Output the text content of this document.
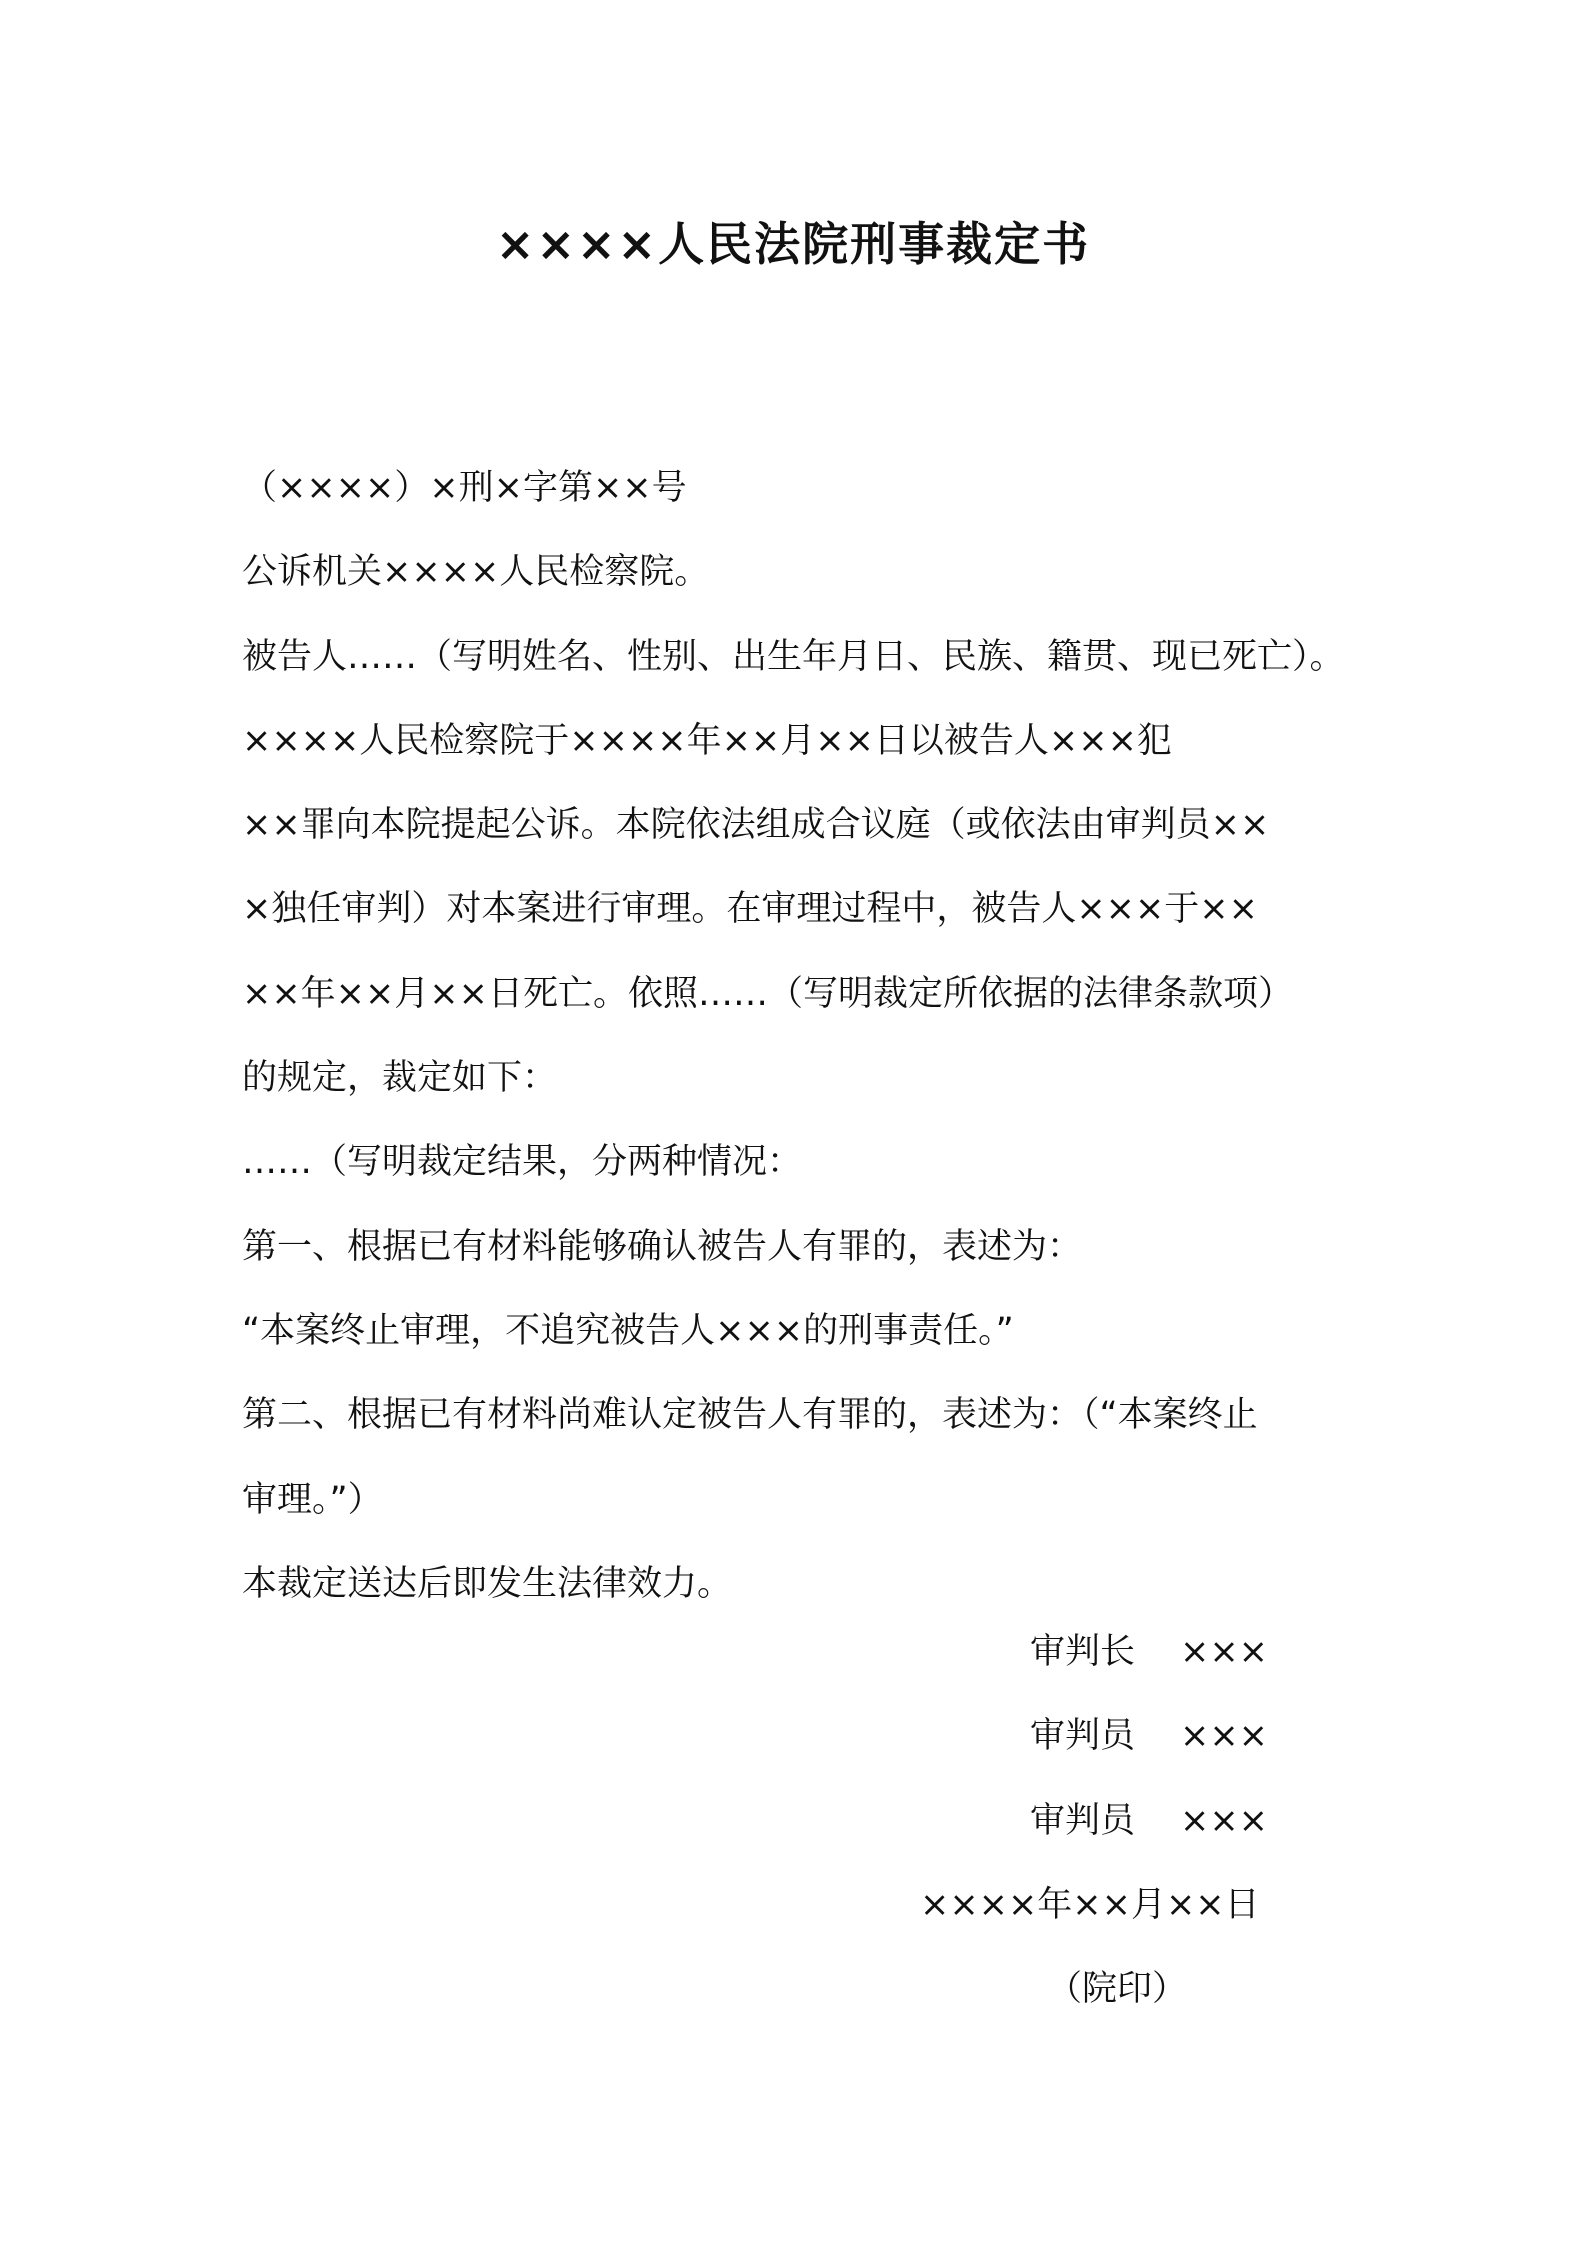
××××人民法院刑事裁定书
（××××）×刑×字第××号
公诉机关××××人民检察院。
被告人……（写明姓名、性别、出生年月日、民族、籍贯、现已死亡）。
××××人民检察院于××××年××月××日以被告人×××犯
××罪向本院提起公诉。本院依法组成合议庭（或依法由审判员××
×独任审判）对本案进行审理。在审理过程中，被告人×××于××
××年××月××日死亡。依照……（写明裁定所依据的法律条款项）
的规定，裁定如下：
……（写明裁定结果，分两种情况：
第一、根据已有材料能够确认被告人有罪的，表述为：
“本案终止审理，不追究被告人×××的刑事责任。”
第二、根据已有材料尚难认定被告人有罪的，表述为：（“本案终止
审理。”）
本裁定送达后即发生法律效力。
审判长 ×××
审判员 ×××
审判员 ×××
××××年××月××日
（院印）
